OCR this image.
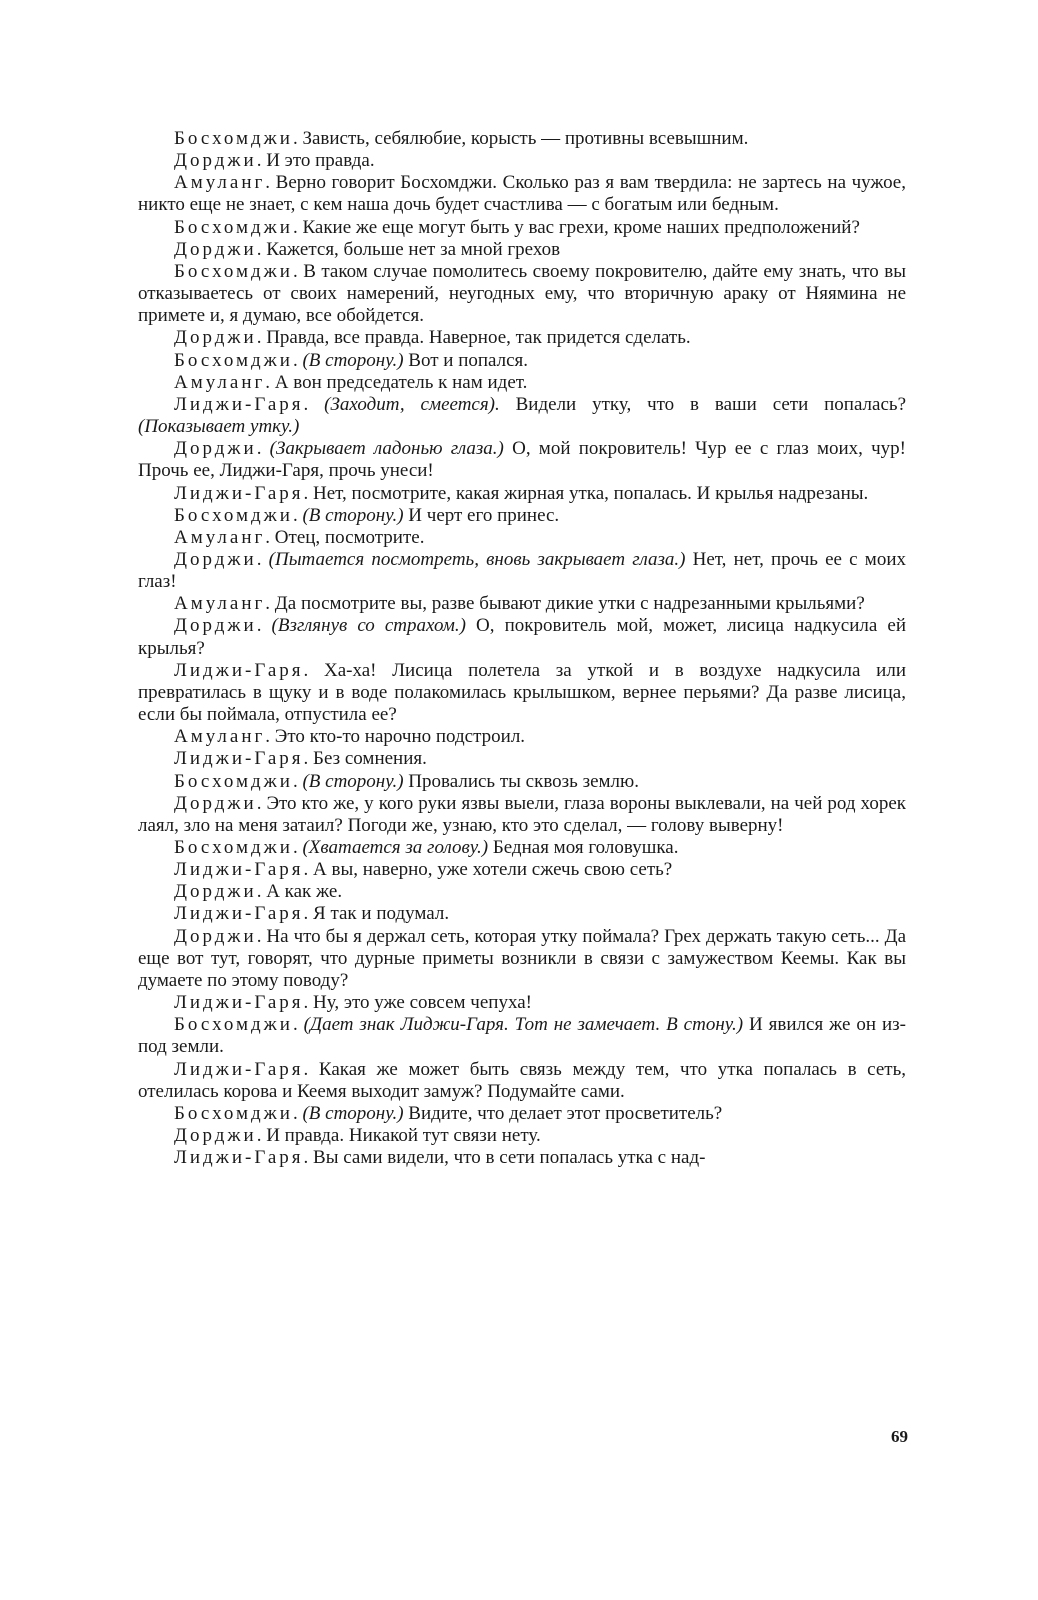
Босхомджи. Зависть, себялюбие, корысть — противны всевышним.

Дорджи. И это правда.

Амуланг. Верно говорит Босхомджи. Сколько раз я вам твердила: не зартесь на чужое, никто еще не знает, с кем наша дочь будет счастлива — с богатым или бедным.

Босхомджи. Какие же еще могут быть у вас грехи, кроме наших предположений?

Дорджи. Кажется, больше нет за мной грехов

Босхомджи. В таком случае помолитесь своему покровителю, дайте ему знать, что вы отказываетесь от своих намерений, неугодных ему, что вторичную араку от Няямина не примете и, я думаю, все обойдется.

Дорджи. Правда, все правда. Наверное, так придется сделать.

Босхомджи. (В сторону.) Вот и попался.

Амуланг. А вон председатель к нам идет.

Лиджи-Гаря. (Заходит, смеется). Видели утку, что в ваши сети попалась? (Показывает утку.)

Дорджи. (Закрывает ладонью глаза.) О, мой покровитель! Чур ее с глаз моих, чур! Прочь ее, Лиджи-Гаря, прочь унеси!

Лиджи-Гаря. Нет, посмотрите, какая жирная утка, попалась. И крылья надрезаны.

Босхомджи. (В сторону.) И черт его принес.

Амуланг. Отец, посмотрите.

Дорджи. (Пытается посмотреть, вновь закрывает глаза.) Нет, нет, прочь ее с моих глаз!

Амуланг. Да посмотрите вы, разве бывают дикие утки с надрезанными крыльями?

Дорджи. (Взглянув со страхом.) О, покровитель мой, может, лисица надкусила ей крылья?

Лиджи-Гаря. Ха-ха! Лисица полетела за уткой и в воздухе надкусила или превратилась в щуку и в воде полакомилась крылышком, вернее перьями? Да разве лисица, если бы поймала, отпустила ее?

Амуланг. Это кто-то нарочно подстроил.

Лиджи-Гаря. Без сомнения.

Босхомджи. (В сторону.) Провались ты сквозь землю.

Дорджи. Это кто же, у кого руки язвы выели, глаза вороны выклевали, на чей род хорек лаял, зло на меня затаил? Погоди же, узнаю, кто это сделал, — голову выверну!

Босхомджи. (Хватается за голову.) Бедная моя головушка.

Лиджи-Гаря. А вы, наверно, уже хотели сжечь свою сеть?

Дорджи. А как же.

Лиджи-Гаря. Я так и подумал.

Дорджи. На что бы я держал сеть, которая утку поймала? Грех держать такую сеть... Да еще вот тут, говорят, что дурные приметы возникли в связи с замужеством Кеемы. Как вы думаете по этому поводу?

Лиджи-Гаря. Ну, это уже совсем чепуха!

Босхомджи. (Дает знак Лиджи-Гаря. Тот не замечает. В стону.) И явился же он из-под земли.

Лиджи-Гаря. Какая же может быть связь между тем, что утка попалась в сеть, отелилась корова и Кеемя выходит замуж? Подумайте сами.

Босхомджи. (В сторону.) Видите, что делает этот просветитель?

Дорджи. И правда. Никакой тут связи нету.

Лиджи-Гаря. Вы сами видели, что в сети попалась утка с над-

69
